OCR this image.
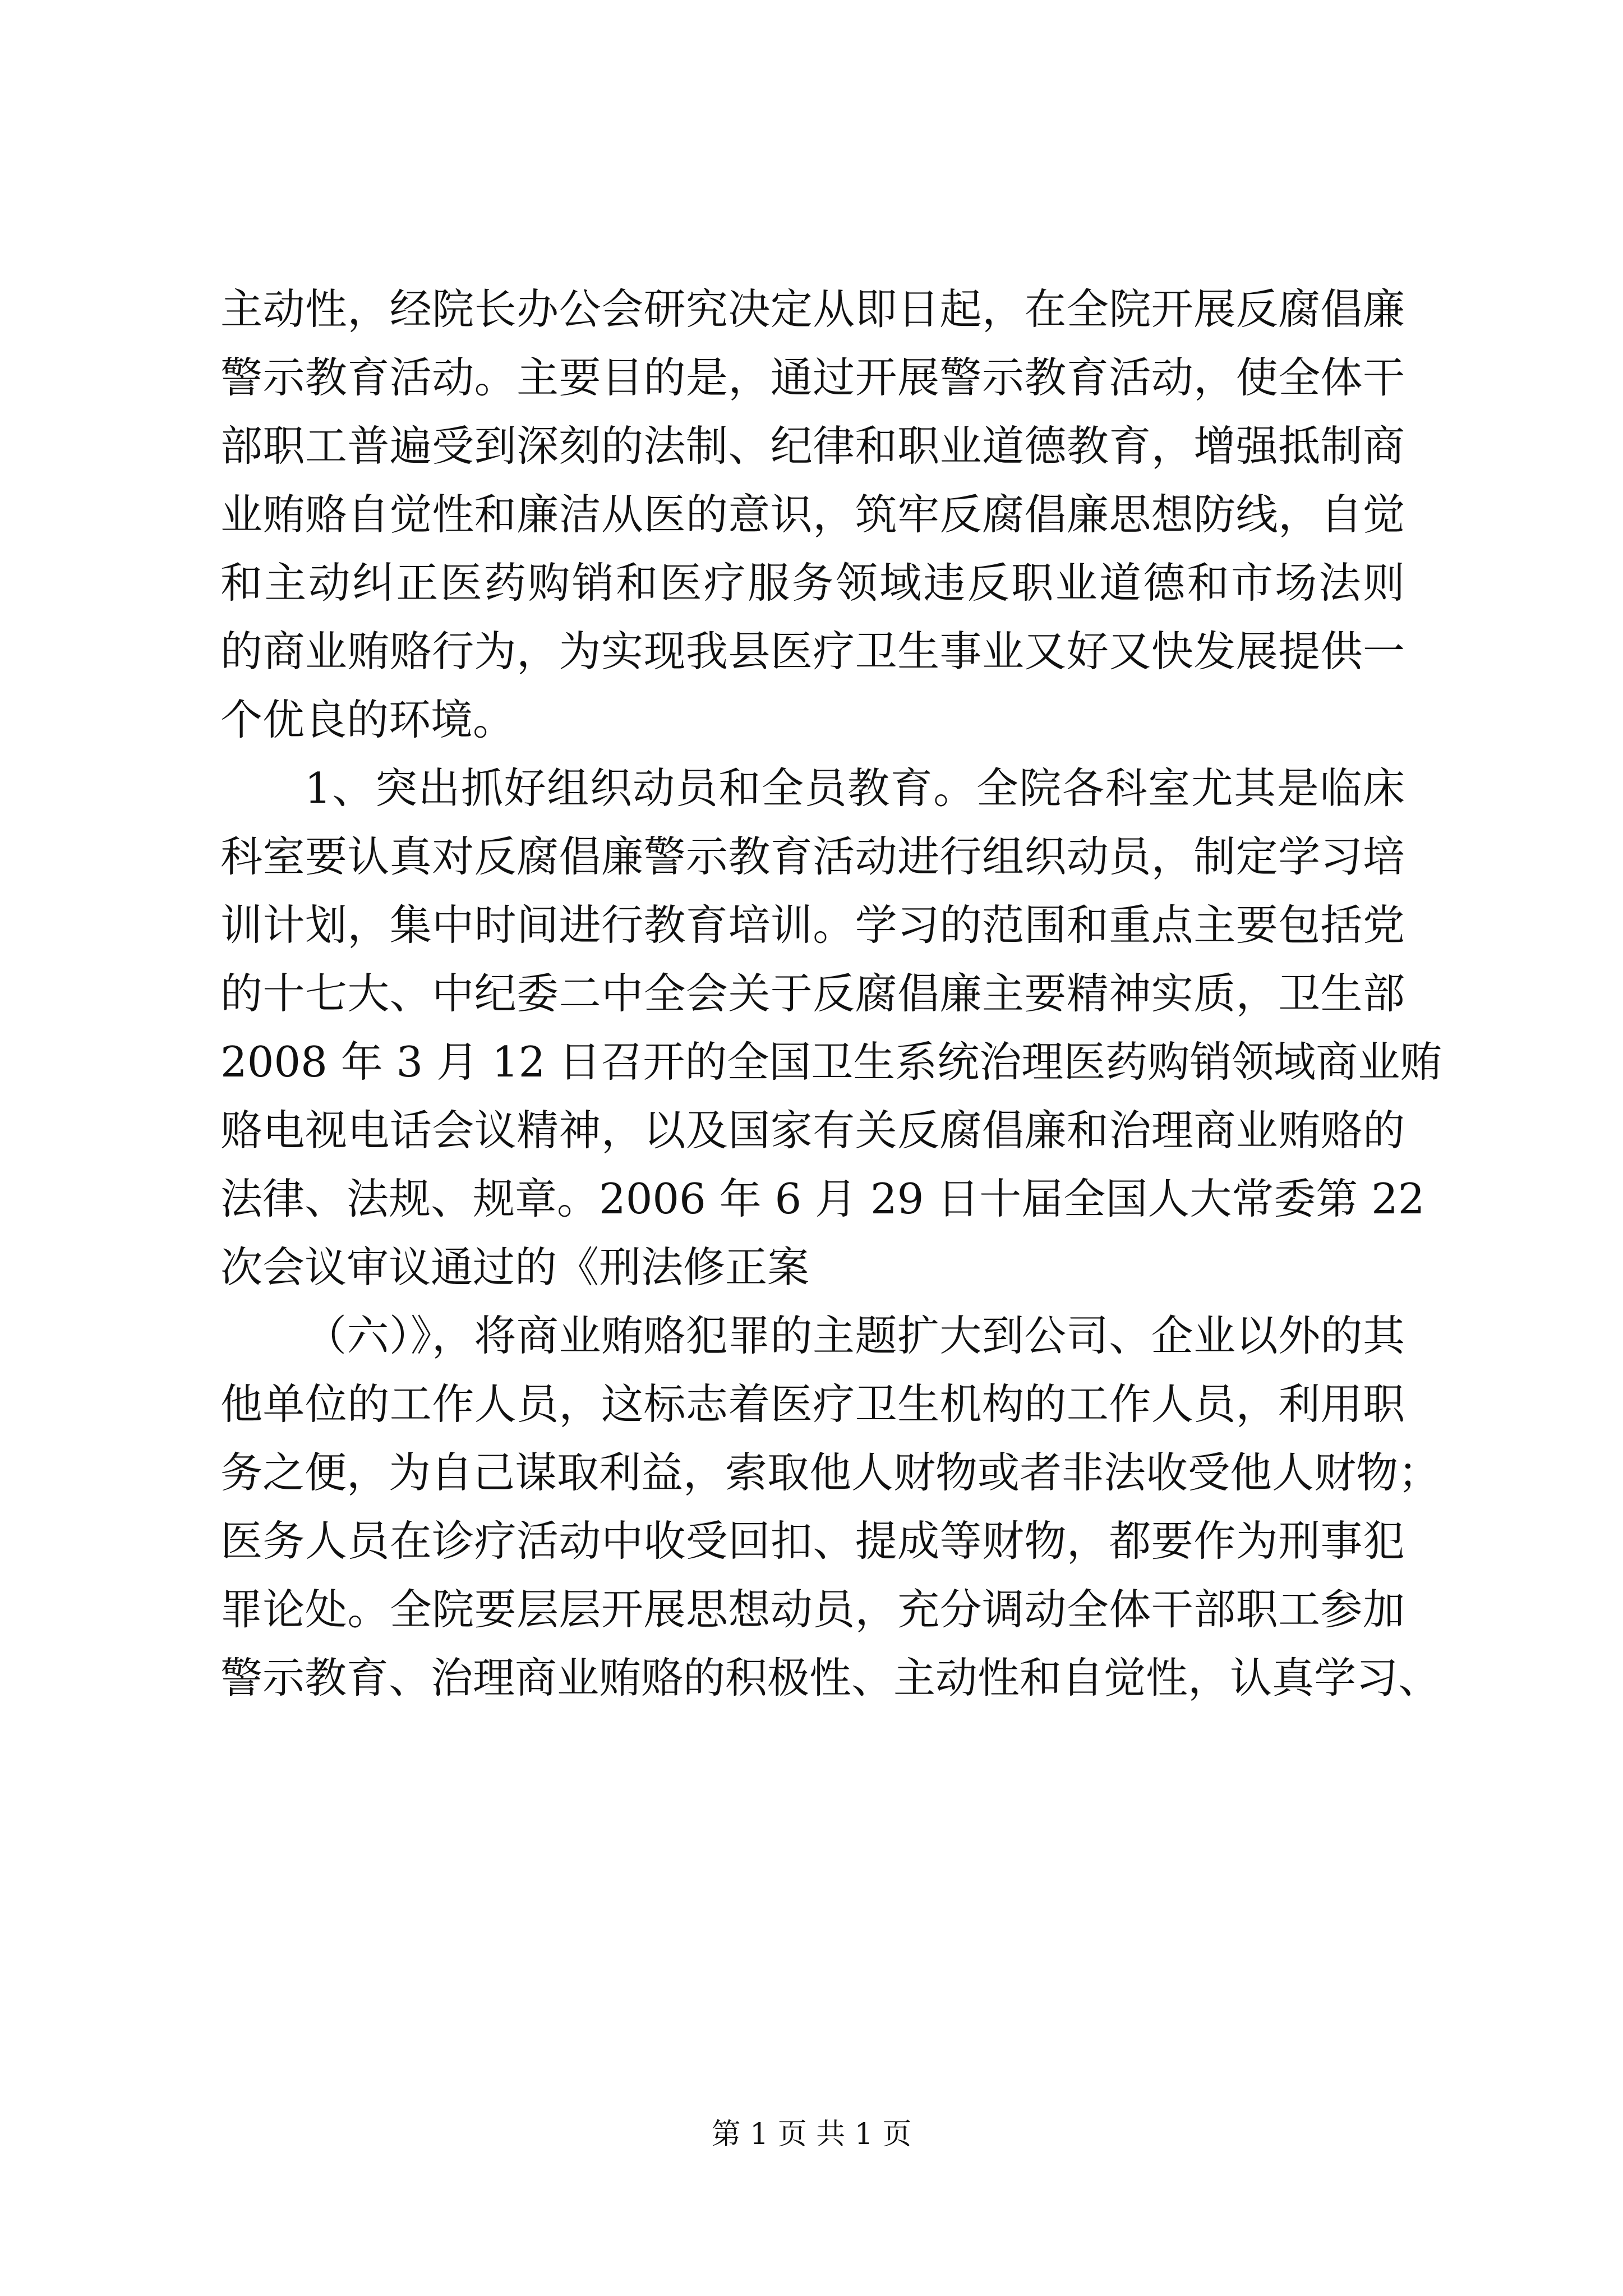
主动性，经院长办公会研究决定从即日起，在全院开展反腐倡廉
警示教育活动。主要目的是，通过开展警示教育活动，使全体干
部职工普遍受到深刻的法制、纪律和职业道德教育，增强抵制商
业贿赂自觉性和廉洁从医的意识，筑牢反腐倡廉思想防线，自觉
和主动纠正医药购销和医疗服务领域违反职业道德和市场法则
的商业贿赂行为，为实现我县医疗卫生事业又好又快发展提供一
个优良的环境。
1、突出抓好组织动员和全员教育。全院各科室尤其是临床
科室要认真对反腐倡廉警示教育活动进行组织动员，制定学习培
训计划，集中时间进行教育培训。学习的范围和重点主要包括党
的十七大、中纪委二中全会关于反腐倡廉主要精神实质，卫生部
2008 年 3 月 12 日召开的全国卫生系统治理医药购销领域商业贿
赂电视电话会议精神，以及国家有关反腐倡廉和治理商业贿赂的
法律、法规、规章。2006 年 6 月 29 日十届全国人大常委第 22
次会议审议通过的《刑法修正案
（六）》，将商业贿赂犯罪的主题扩大到公司、企业以外的其
他单位的工作人员，这标志着医疗卫生机构的工作人员，利用职
务之便，为自己谋取利益，索取他人财物或者非法收受他人财物；
医务人员在诊疗活动中收受回扣、提成等财物，都要作为刑事犯
罪论处。全院要层层开展思想动员，充分调动全体干部职工参加
警示教育、治理商业贿赂的积极性、主动性和自觉性，认真学习、
第 1 页 共 1 页
